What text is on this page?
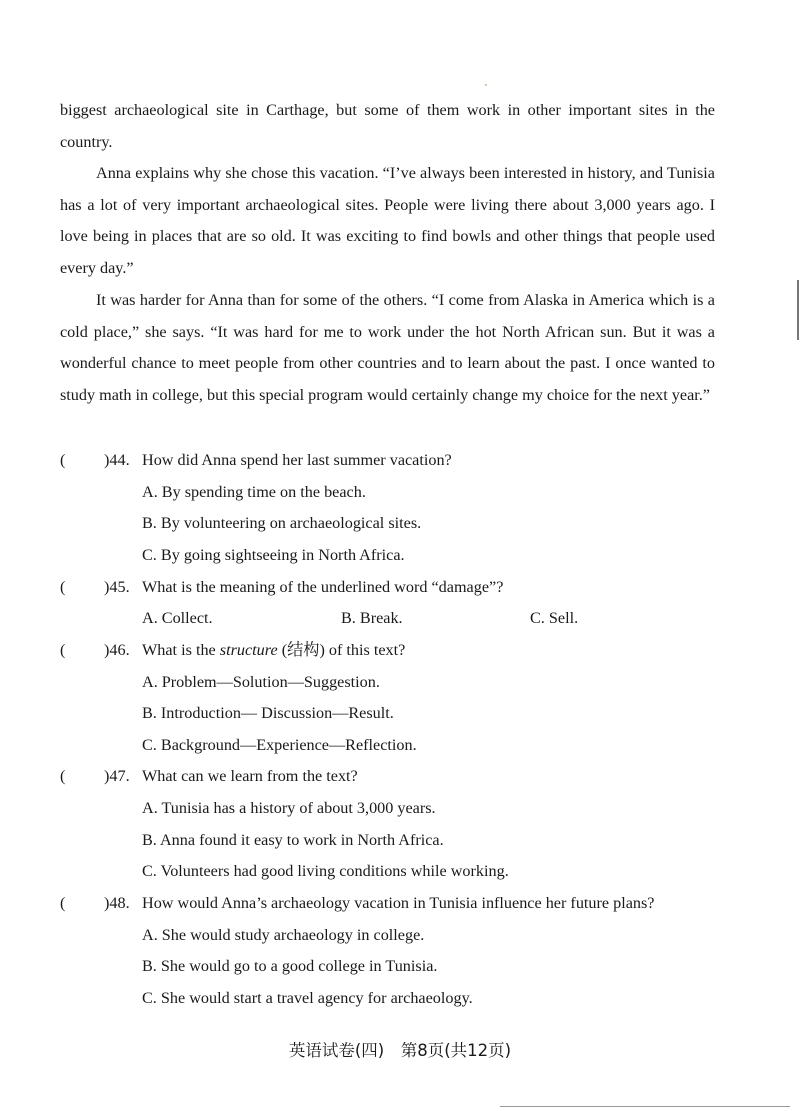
biggest archaeological site in Carthage, but some of them work in other important sites in the country.

Anna explains why she chose this vacation. “I’ve always been interested in history, and Tunisia has a lot of very important archaeological sites. People were living there about 3,000 years ago. I love being in places that are so old. It was exciting to find bowls and other things that people used every day.”

It was harder for Anna than for some of the others. “I come from Alaska in America which is a cold place,” she says. “It was hard for me to work under the hot North African sun. But it was a wonderful chance to meet people from other countries and to learn about the past. I once wanted to study math in college, but this special program would certainly change my choice for the next year.”

( )44. How did Anna spend her last summer vacation?
A. By spending time on the beach.
B. By volunteering on archaeological sites.
C. By going sightseeing in North Africa.
( )45. What is the meaning of the underlined word “damage”?
A. Collect.	B. Break.	C. Sell.
( )46. What is the structure (结构) of this text?
A. Problem—Solution—Suggestion.
B. Introduction— Discussion—Result.
C. Background—Experience—Reflection.
( )47. What can we learn from the text?
A. Tunisia has a history of about 3,000 years.
B. Anna found it easy to work in North Africa.
C. Volunteers had good living conditions while working.
( )48. How would Anna’s archaeology vacation in Tunisia influence her future plans?
A. She would study archaeology in college.
B. She would go to a good college in Tunisia.
C. She would start a travel agency for archaeology.
英语试卷(四)　第8页(共12页)
